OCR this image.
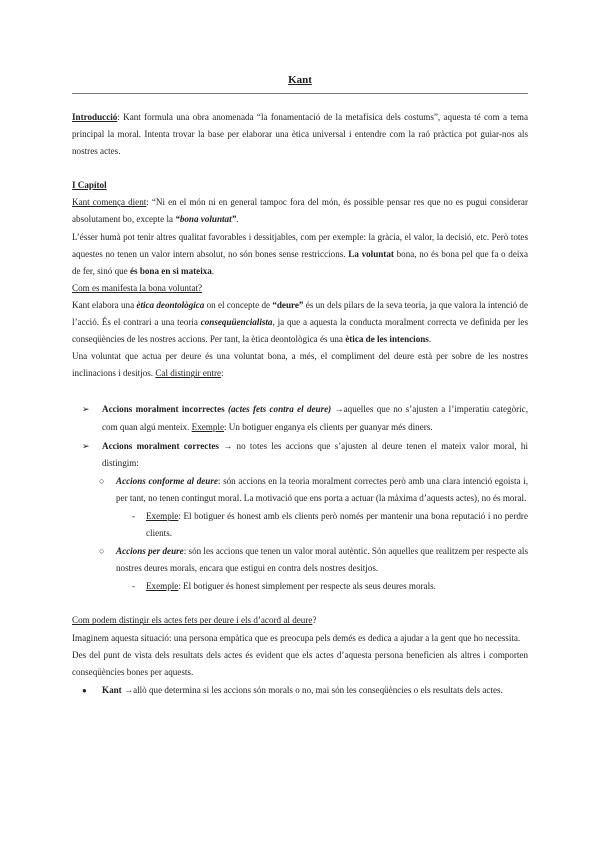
Kant

Introducció: Kant formula una obra anomenada “la fonamentació de la metafísica dels costums”, aquesta té com a tema principal la moral. Intenta trovar la base per elaborar una ètica universal i entendre com la raó pràctica pot guiar-nos als nostres actes.

I Capítol

Kant comença dient: “Ni en el món ni en general tampoc fora del món, és possible pensar res que no es pugui considerar absolutament bo, excepte la “bona voluntat”.

L’ésser humà pot tenir altres qualitat favorables i dessitjables, com per exemple: la gràcia, el valor, la decisió, etc. Però totes aquestes no tenen un valor intern absolut, no són bones sense restriccions. La voluntat bona, no és bona pel que fa o deixa de fer, sinó que és bona en si mateixa.

Com es manifesta la bona voluntat?

Kant elabora una ètica deontològica on el concepte de “deure” és un dels pilars de la seva teoria, ja que valora la intenció de l’acció. És el contrari a una teoria consequüencialista, ja que a aquesta la conducta moralment correcta ve definida per les conseqüències de les nostres accions. Per tant, la ètica deontològica és una ètica de les intencions.

Una voluntat que actua per deure és una voluntat bona, a més, el compliment del deure està per sobre de les nostres inclinacions i desitjos. Cal distingir entre:

➢ Accions moralment incorrectes (actes fets contra el deure) →aquelles que no s’ajusten a l’imperatiu categòric, com quan algú menteix. Exemple: Un botiguer enganya els clients per guanyar més diners.

➢ Accions moralment correctes → no totes les accions que s’ajusten al deure tenen el mateix valor moral, hi distingim:

○ Accions conforme al deure: són accions en la teoria moralment correctes però amb una clara intenció egoista i, per tant, no tenen contingut moral. La motivació que ens porta a actuar (la màxima d’aquests actes), no és moral.

- Exemple: El botiguer és honest amb els clients però només per mantenir una bona reputació i no perdre clients.

○ Accions per deure: són les accions que tenen un valor moral autèntic. Són aquelles que realitzem per respecte als nostres deures morals, encara que estigui en contra dels nostres desitjos.

- Exemple: El botiguer és honest simplement per respecte als seus deures morals.

Com podem distingir els actes fets per deure i els d’acord al deure?

Imaginem aquesta situació: una persona empàtica que es preocupa pels demés es dedica a ajudar a la gent que ho necessita.

Des del punt de vista dels resultats dels actes és evident que els actes d’aquesta persona beneficien als altres i comporten conseqüències bones per aquests.

● Kant →allò que determina si les accions són morals o no, mai són les conseqüències o els resultats dels actes.
